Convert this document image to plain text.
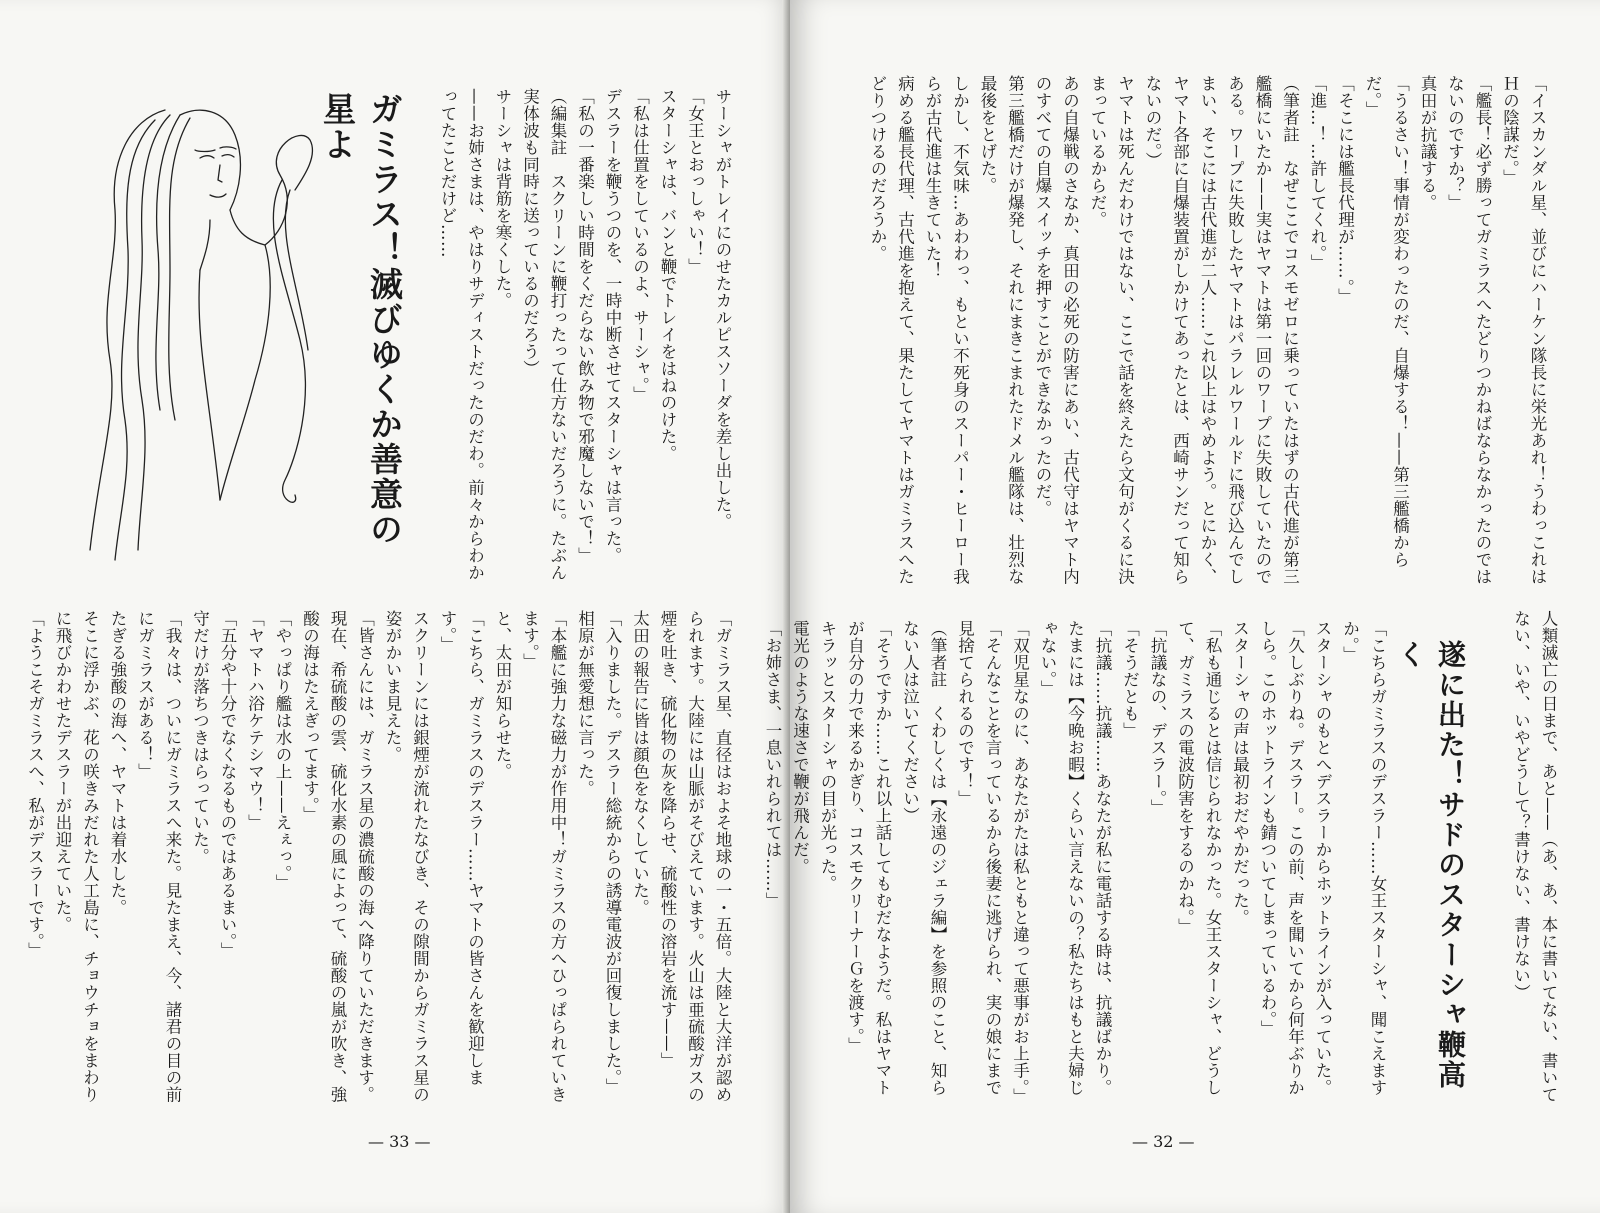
ガミラス！滅びゆくか善意の星よ	サーシャがトレイにのせたカルピスソーダを差し出した。

「女王とおっしゃい！」

スターシャは、バンと鞭でトレイをはねのけた。

「私は仕置をしているのよ、サーシャ。」

デスラーを鞭うつのを、一時中断させてスターシャは言った。

「私の一番楽しい時間をくだらない飲み物で邪魔しないで！」

（編集註　スクリーンに鞭打ったって仕方ないだろうに。たぶん実体波も同時に送っているのだろう）

サーシャは背筋を寒くした。

——お姉さまは、やはりサディストだったのだわ。前々からわかってたことだけど……

「ガミラス星、直径はおよそ地球の一・五倍。大陸と大洋が認められます。大陸には山脈がそびえています。火山は亜硫酸ガスの煙を吐き、硫化物の灰を降らせ、硫酸性の溶岩を流す——」

太田の報告に皆は顔色をなくしていた。

「入りました。デスラー総統からの誘導電波が回復しました。」

相原が無愛想に言った。

「本艦に強力な磁力が作用中！ガミラスの方へひっぱられていきます。」

と、太田が知らせた。

「こちら、ガミラスのデスラー……ヤマトの皆さんを歓迎します。」

スクリーンには銀煙が流れたなびき、その隙間からガミラス星の姿がかいま見えた。

「皆さんには、ガミラス星の濃硫酸の海へ降りていただきます。現在、希硫酸の雲、硫化水素の風によって、硫酸の嵐が吹き、強酸の海はたえぎってます。」

「やっぱり艦は水の上——えぇっ。」

「ヤマトハ浴ケテシマウ！」

「五分や十分でなくなるものではあるまい。」

守だけが落ちつきはらっていた。

「我々は、ついにガミラスへ来た。見たまえ、今、諸君の目の前にガミラスがある！」

たぎる強酸の海へ、ヤマトは着水した。

そこに浮かぶ、花の咲きみだれた人工島に、チョウチョをまわりに飛びかわせたデスラーが出迎えていた。

「ようこそガミラスへ、私がデスラーです。」

— 33 —

「イスカンダル星、並びにハーケン隊長に栄光あれ！うわっこれはＨの陰謀だ。」

「艦長！必ず勝ってガミラスへたどりつかねばならなかったのではないのですか？」

真田が抗議する。

「うるさい！事情が変わったのだ、自爆する！——第三艦橋からだ。」

「そこには艦長代理が……。」

「進…！…許してくれ。」

（筆者註　なぜここでコスモゼロに乗っていたはずの古代進が第三艦橋にいたか——実はヤマトは第一回のワープに失敗していたのである。ワープに失敗したヤマトはパラレルワールドに飛び込んでしまい、そこには古代進が二人……これ以上はやめよう。とにかく、ヤマト各部に自爆装置がしかけてあったとは、西崎サンだって知らないのだ。）

ヤマトは死んだわけではない、ここで話を終えたら文句がくるに決まっているからだ。

あの自爆戦のさなか、真田の必死の防害にあい、古代守はヤマト内のすべての自爆スイッチを押すことができなかったのだ。

第三艦橋だけが爆発し、それにまきこまれたドメル艦隊は、壮烈な最後をとげた。

しかし、不気味…あわわっ、もとい不死身のスーパー・ヒーロー我らが古代進は生きていた！

病める艦長代理、古代進を抱えて、果たしてヤマトはガミラスへたどりつけるのだろうか。

人類滅亡の日まで、あと——（あ、あ、本に書いてない、書いてない、いや、いやどうして？書けない、書けない）

遂に出た！サドのスターシャ鞭高く

「こちらガミラスのデスラー……女王スターシャ、聞こえますか。」

スターシャのもとへデスラーからホットラインが入っていた。

「久しぶりね。デスラー。この前、声を聞いてから何年ぶりかしら。このホットラインも錆ついてしまっているわ。」

スターシャの声は最初おだやかだった。

「私も通じるとは信じられなかった。女王スターシャ、どうして、ガミラスの電波防害をするのかね。」

「抗議なの、デスラー。」

「そうだとも」

「抗議……抗議……あなたが私に電話する時は、抗議ばかり。たまには【今晩お暇】くらい言えないの？私たちはもと夫婦じゃない。」

「双児星なのに、あなたがたは私ともと違って悪事がお上手。」

「そんなことを言っているから後妻に逃げられ、実の娘にまで見捨てられるのです！」

（筆者註　くわしくは【永遠のジェラ編】を参照のこと、知らない人は泣いてください）

「そうですか……これ以上話してもむだなようだ。私はヤマトが自分の力で来るかぎり、コスモクリーナーＧを渡す。」

キラッとスターシャの目が光った。

電光のような速さで鞭が飛んだ。

「お姉さま、一息いれられては……」

— 32 —
